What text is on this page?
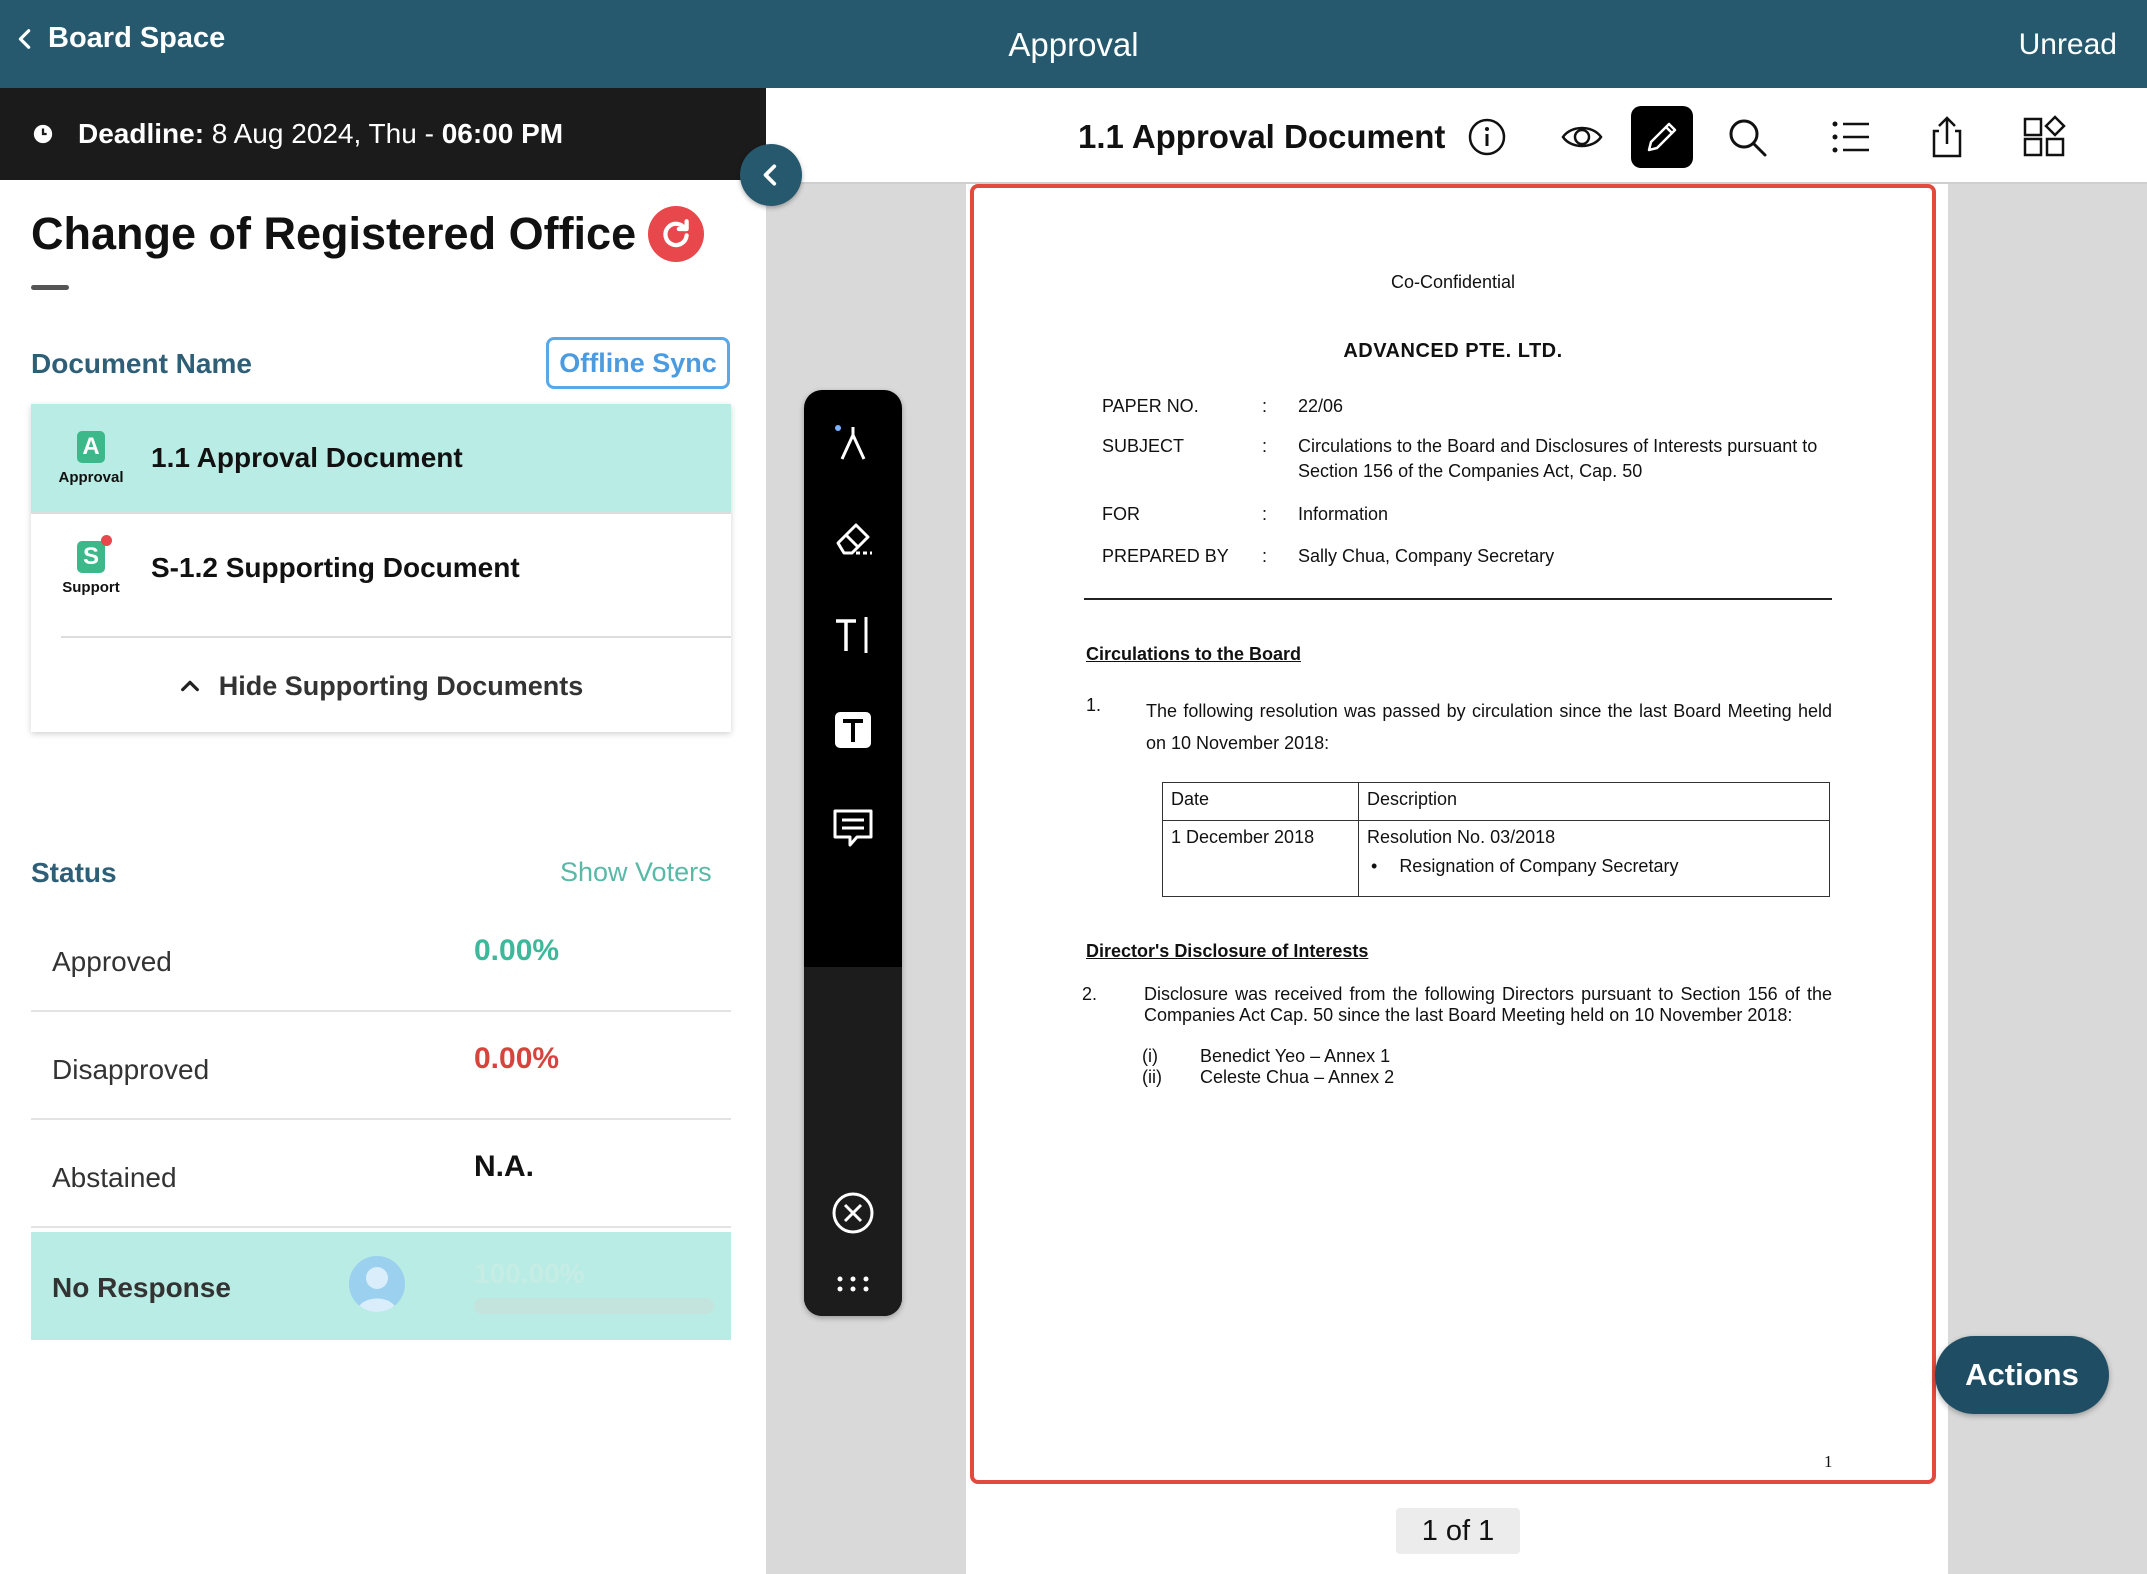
Board Space	Approval	Unread
Deadline: 8 Aug 2024, Thu - 06:00 PM
Change of Registered Office
Document Name	Offline Sync
A
Approval
1.1 Approval Document
S
Support
S-1.2 Supporting Document
Hide Supporting Documents
Status	Show Voters
Approved	0.00%
Disapproved	0.00%
Abstained	N.A.
No Response	100.00%
1.1 Approval Document
Co-Confidential
ADVANCED PTE. LTD.
PAPER NO.	: 22/06
SUBJECT	: Circulations to the Board and Disclosures of Interests pursuant to Section 156 of the Companies Act, Cap. 50
FOR	: Information
PREPARED BY	: Sally Chua, Company Secretary
Circulations to the Board
1. The following resolution was passed by circulation since the last Board Meeting held on 10 November 2018:
Date	Description
1 December 2018	Resolution No. 03/2018
• Resignation of Company Secretary
Director's Disclosure of Interests
2.	Disclosure was received from the following Directors pursuant to Section 156 of the Companies Act Cap. 50 since the last Board Meeting held on 10 November 2018:
(i)	Benedict Yeo – Annex 1
(ii)	Celeste Chua – Annex 2
1
1 of 1
Actions
